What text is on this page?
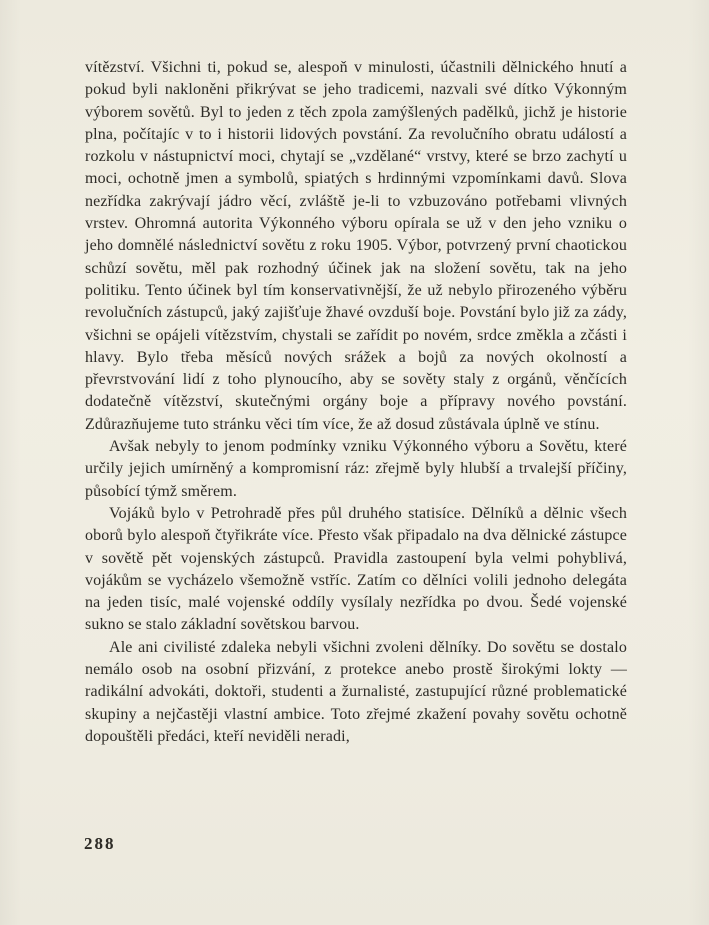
vítězství. Všichni ti, pokud se, alespoň v minulosti, účastnili dělnického hnutí a pokud byli nakloněni přikrývat se jeho tradicemi, nazvali své dítko Výkonným výborem sovětů. Byl to jeden z těch zpola zamýšlených padělků, jichž je historie plna, počítajíc v to i historii lidových povstání. Za revolučního obratu událostí a rozkolu v nástupnictví moci, chytají se „vzdělané“ vrstvy, které se brzo zachytí u moci, ochotně jmen a symbolů, spiatých s hrdinnými vzpomínkami davů. Slova nezřídka zakrývají jádro věcí, zvláště je-li to vzbuzováno potřebami vlivných vrstev. Ohromná autorita Výkonného výboru opírala se už v den jeho vzniku o jeho domnělé následnictví sovětu z roku 1905. Výbor, potvrzený první chaotickou schůzí sovětu, měl pak rozhodný účinek jak na složení sovětu, tak na jeho politiku. Tento účinek byl tím konservativnější, že už nebylo přirozeného výběru revolučních zástupců, jaký zajišťuje žhavé ovzduší boje. Povstání bylo již za zády, všichni se opájeli vítězstvím, chystali se zařídit po novém, srdce změkla a zčásti i hlavy. Bylo třeba měsíců nových srážek a bojů za nových okolností a převrstvování lidí z toho plynoucího, aby se sověty staly z orgánů, věnčících dodatečně vítězství, skutečnými orgány boje a přípravy nového povstání. Zdůrazňujeme tuto stránku věci tím více, že až dosud zůstávala úplně ve stínu.

Avšak nebyly to jenom podmínky vzniku Výkonného výboru a Sovětu, které určily jejich umírněný a kompromisní ráz: zřejmě byly hlubší a trvalejší příčiny, působící týmž směrem.

Vojáků bylo v Petrohradě přes půl druhého statisíce. Dělníků a dělnic všech oborů bylo alespoň čtyřikráte více. Přesto však připadalo na dva dělnické zástupce v sovětě pět vojenských zástupců. Pravidla zastoupení byla velmi pohyblivá, vojákům se vycházelo všemožně vstříc. Zatím co dělníci volili jednoho delegáta na jeden tisíc, malé vojenské oddíly vysílaly nezřídka po dvou. Šedé vojenské sukno se stalo základní sovětskou barvou.

Ale ani civilisté zdaleka nebyli všichni zvoleni dělníky. Do sovětu se dostalo nemálo osob na osobní přizvání, z protekce anebo prostě širokými lokty — radikální advokáti, doktoři, studenti a žurnalisté, zastupující různé problematické skupiny a nejčastěji vlastní ambice. Toto zřejmé zkažení povahy sovětu ochotně dopouštěli předáci, kteří neviděli neradi,

288
